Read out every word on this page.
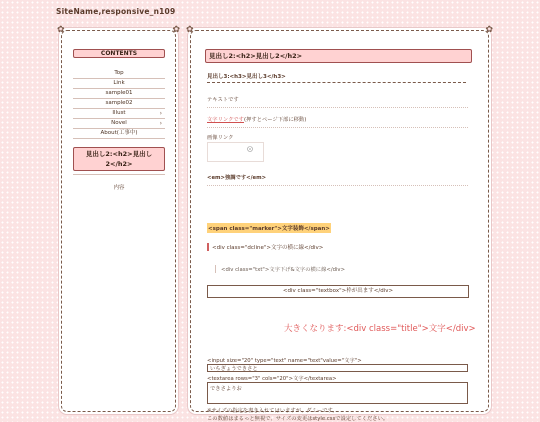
SiteName,responsive_n109
✿	✿
CONTENTS
Top
Link
sample01
sample02
Illust	›
Novel	›
About(工事中)
見出し2:<h2>見出し2</h2>
内容
✿	✿
見出し2:<h2>見出し2</h2>
見出し3:<h3>見出し3</h3>
テキストです
文字リンクです(押すとページ下部に移動)
画像リンク
<em>強調です</em>
<span class="marker">文字装飾</span>
<div class="dcline">文字の横に線</div>
<div class="txt">文字下げ&文字の横に線</div>
<div class="textbox">枠が出ます</div>
大きくなります:<div class="title">文字</div>
<input size="20" type="text" name="text"value="文字">
いちぎょうできさと
<textarea rows="3" cols="20">文字</textarea>
できさよりお
※サイズの指定を書き入れてはいますが、ダミーです。
この数値はまるっと無視で、サイズの変更はstyle.cssで設定してください。
